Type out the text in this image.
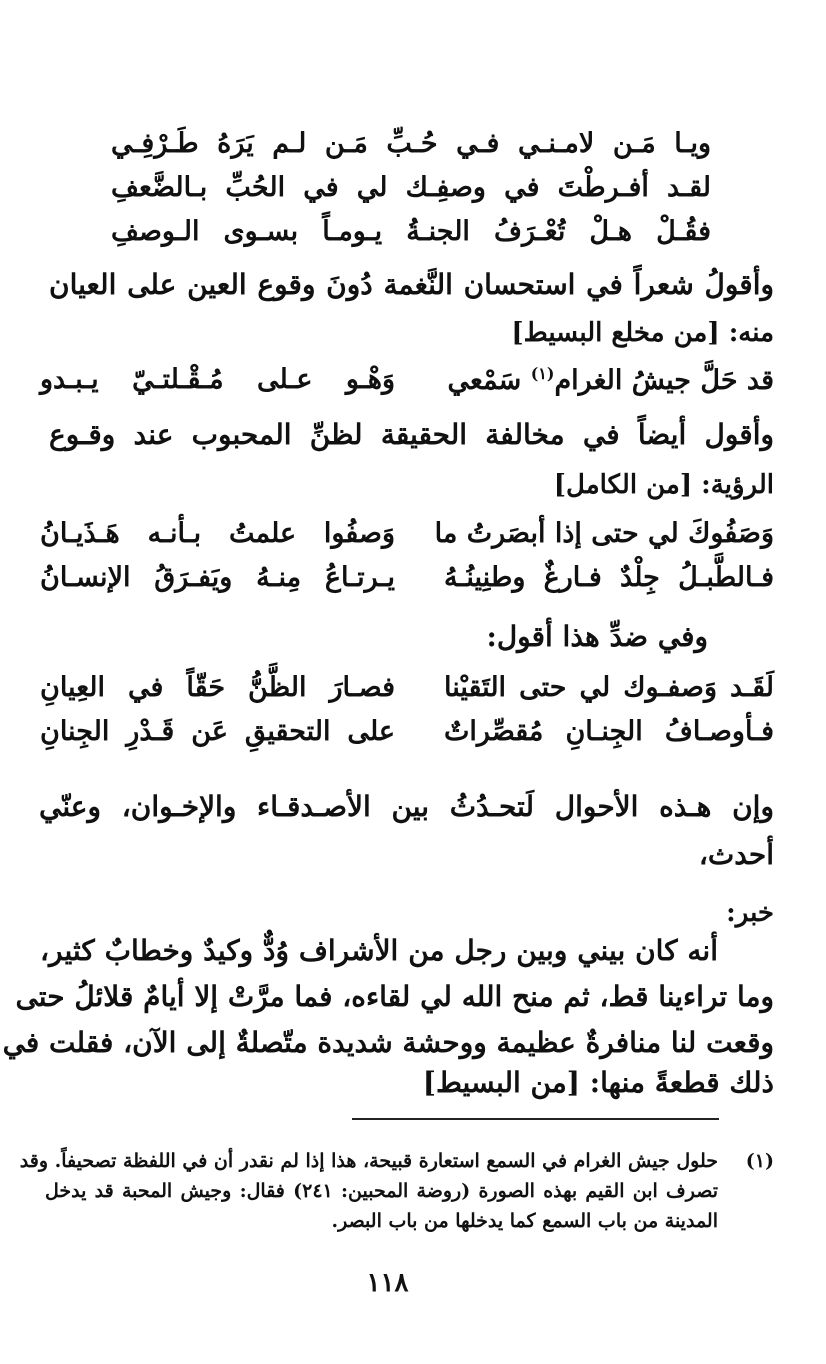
ويـا مَـن لامـنـي فـي حُـبِّ مَـن لـم يَرَهُ طَـرْفِـي
لقـد أفـرطْتَ في وصفِـك لي في الحُبِّ بـالضَّعفِ
فقُـلْ هـلْ تُعْـرَفُ الجنـةُ يـومـاً بسـوى الـوصفِ
وأقولُ شعراً في استحسان النَّغمة دُونَ وقوع العين على العيان
منه: [من مخلع البسيط]
قد حَلَّ جيشُ الغرام$^{(١)}$ سَمْعي
وَهْـو عـلى مُـقْـلتـيّ يـبـدو
وأقول أيضاً في مخالفة الحقيقة لظنِّ المحبوب عند وقـوع
الرؤية: [من الكامل]
وَصَفُوكَ لي حتى إذا أبصَرتُ ما
وَصفُوا علمتُ بـأنـه هَـذَيـانُ
فـالطَّبـلُ جِلْدٌ فـارغٌ وطنِينُـهُ
يـرتـاعُ مِنـهُ ويَفـرَقُ الإنسـانُ
وفي ضدِّ هذا أقول:
لَقَـد وَصفـوك لي حتى التَقيْنا
فصـارَ الظَّنُّ حَقّاً في العِيانِ
فـأوصـافُ الجِنـانِ مُقصِّراتٌ
على التحقيقِ عَن قَـدْرِ الجِنانِ
وإن هـذه الأحوال لَتحـدُثُ بين الأصـدقـاء والإخـوان، وعنّي
أحدث،
خبر:
أنه كان بيني وبين رجل من الأشراف وُدٌّ وكيدٌ وخطابٌ كثير،
وما تراءينا قط، ثم منح الله لي لقاءه، فما مرَّتْ إلا أيامٌ قلائلُ حتى
وقعت لنا منافرةٌ عظيمة ووحشة شديدة متّصلةٌ إلى الآن، فقلت في
ذلك قطعةً منها: [من البسيط]
(١)
حلول جيش الغرام في السمع استعارة قبيحة، هذا إذا لم نقدر أن في اللفظة تصحيفاً. وقد
تصرف ابن القيم بهذه الصورة (روضة المحبين: ٢٤١) فقال: وجيش المحبة قد يدخل
المدينة من باب السمع كما يدخلها من باب البصر.
١١٨
